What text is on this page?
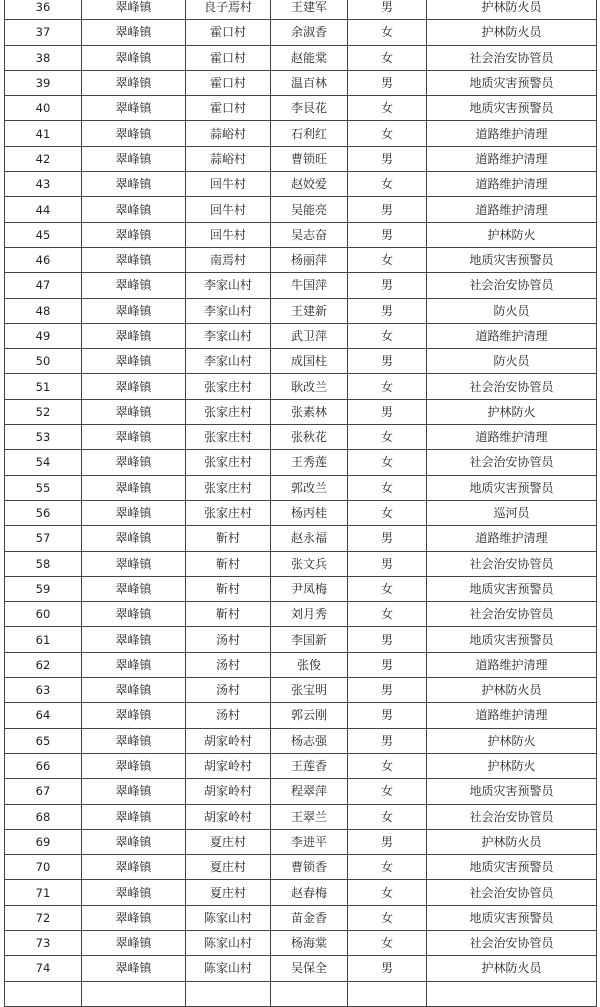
36	翠峰镇	良子焉村	王建军	男	护林防火员
37	翠峰镇	霍口村	余淑香	女	护林防火员
38	翠峰镇	霍口村	赵能棠	女	社会治安协管员
39	翠峰镇	霍口村	温百林	男	地质灾害预警员
40	翠峰镇	霍口村	李艮花	女	地质灾害预警员
41	翠峰镇	蒜峪村	石利红	女	道路维护清理
42	翠峰镇	蒜峪村	曹锁旺	男	道路维护清理
43	翠峰镇	回牛村	赵姣爱	女	道路维护清理
44	翠峰镇	回牛村	吴能亮	男	道路维护清理
45	翠峰镇	回牛村	吴志奋	男	护林防火
46	翠峰镇	南焉村	杨丽萍	女	地质灾害预警员
47	翠峰镇	李家山村	牛国萍	男	社会治安协管员
48	翠峰镇	李家山村	王建新	男	防火员
49	翠峰镇	李家山村	武卫萍	女	道路维护清理
50	翠峰镇	李家山村	成国柱	男	防火员
51	翠峰镇	张家庄村	耿改兰	女	社会治安协管员
52	翠峰镇	张家庄村	张素林	男	护林防火
53	翠峰镇	张家庄村	张秋花	女	道路维护清理
54	翠峰镇	张家庄村	王秀莲	女	社会治安协管员
55	翠峰镇	张家庄村	郭改兰	女	地质灾害预警员
56	翠峰镇	张家庄村	杨丙桂	女	巡河员
57	翠峰镇	靳村	赵永福	男	道路维护清理
58	翠峰镇	靳村	张文兵	男	社会治安协管员
59	翠峰镇	靳村	尹凤梅	女	地质灾害预警员
60	翠峰镇	靳村	刘月秀	女	社会治安协管员
61	翠峰镇	汤村	李国新	男	地质灾害预警员
62	翠峰镇	汤村	张俊	男	道路维护清理
63	翠峰镇	汤村	张宝明	男	护林防火员
64	翠峰镇	汤村	郭云刚	男	道路维护清理
65	翠峰镇	胡家岭村	杨志强	男	护林防火
66	翠峰镇	胡家岭村	王莲香	女	护林防火
67	翠峰镇	胡家岭村	程翠萍	女	地质灾害预警员
68	翠峰镇	胡家岭村	王翠兰	女	社会治安协管员
69	翠峰镇	夏庄村	李进平	男	护林防火员
70	翠峰镇	夏庄村	曹锁香	女	地质灾害预警员
71	翠峰镇	夏庄村	赵春梅	女	社会治安协管员
72	翠峰镇	陈家山村	苗金香	女	地质灾害预警员
73	翠峰镇	陈家山村	杨海棠	女	社会治安协管员
74	翠峰镇	陈家山村	吴保全	男	护林防火员
